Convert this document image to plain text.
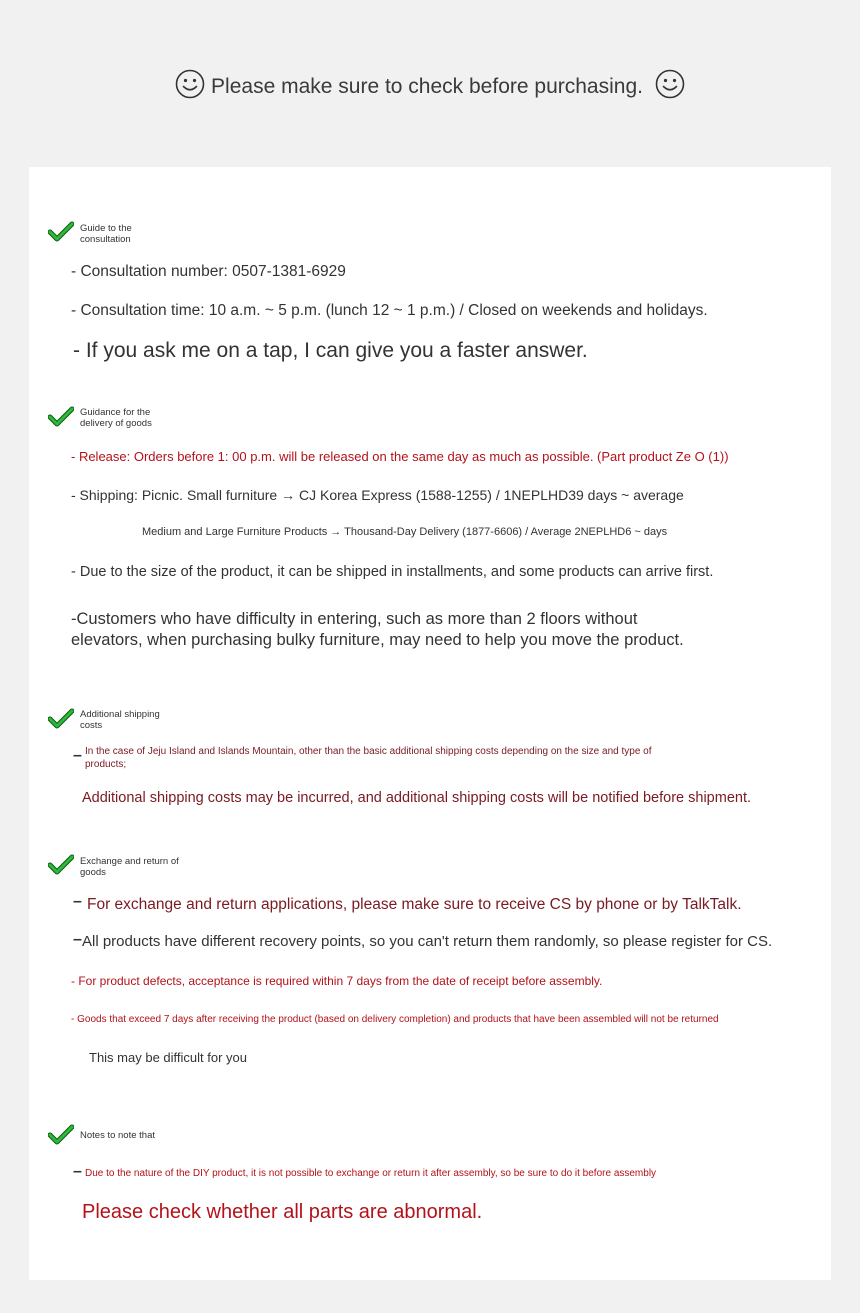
Please make sure to check before purchasing.
Guide to the consultation
- Consultation number: 0507-1381-6929
- Consultation time: 10 a.m. ~ 5 p.m. (lunch 12 ~ 1 p.m.) / Closed on weekends and holidays.
- If you ask me on a tap, I can give you a faster answer.
Guidance for the delivery of goods
- Release: Orders before 1: 00 p.m. will be released on the same day as much as possible. (Part product Ze O (1))
- Shipping: Picnic. Small furniture → CJ Korea Express (1588-1255) / 1NEPLHD39 days ~ average
Medium and Large Furniture Products → Thousand-Day Delivery (1877-6606) / Average 2NEPLHD6 ~ days
- Due to the size of the product, it can be shipped in installments, and some products can arrive first.
-Customers who have difficulty in entering, such as more than 2 floors without
elevators, when purchasing bulky furniture, may need to help you move the product.
Additional shipping costs
– In the case of Jeju Island and Islands Mountain, other than the basic additional shipping costs depending on the size and type of
products;
Additional shipping costs may be incurred, and additional shipping costs will be notified before shipment.
Exchange and return of goods
– For exchange and return applications, please make sure to receive CS by phone or by TalkTalk.
– All products have different recovery points, so you can't return them randomly, so please register for CS.
- For product defects, acceptance is required within 7 days from the date of receipt before assembly.
- Goods that exceed 7 days after receiving the product (based on delivery completion) and products that have been assembled will not be returned
This may be difficult for you
Notes to note that
– Due to the nature of the DIY product, it is not possible to exchange or return it after assembly, so be sure to do it before assembly
Please check whether all parts are abnormal.
